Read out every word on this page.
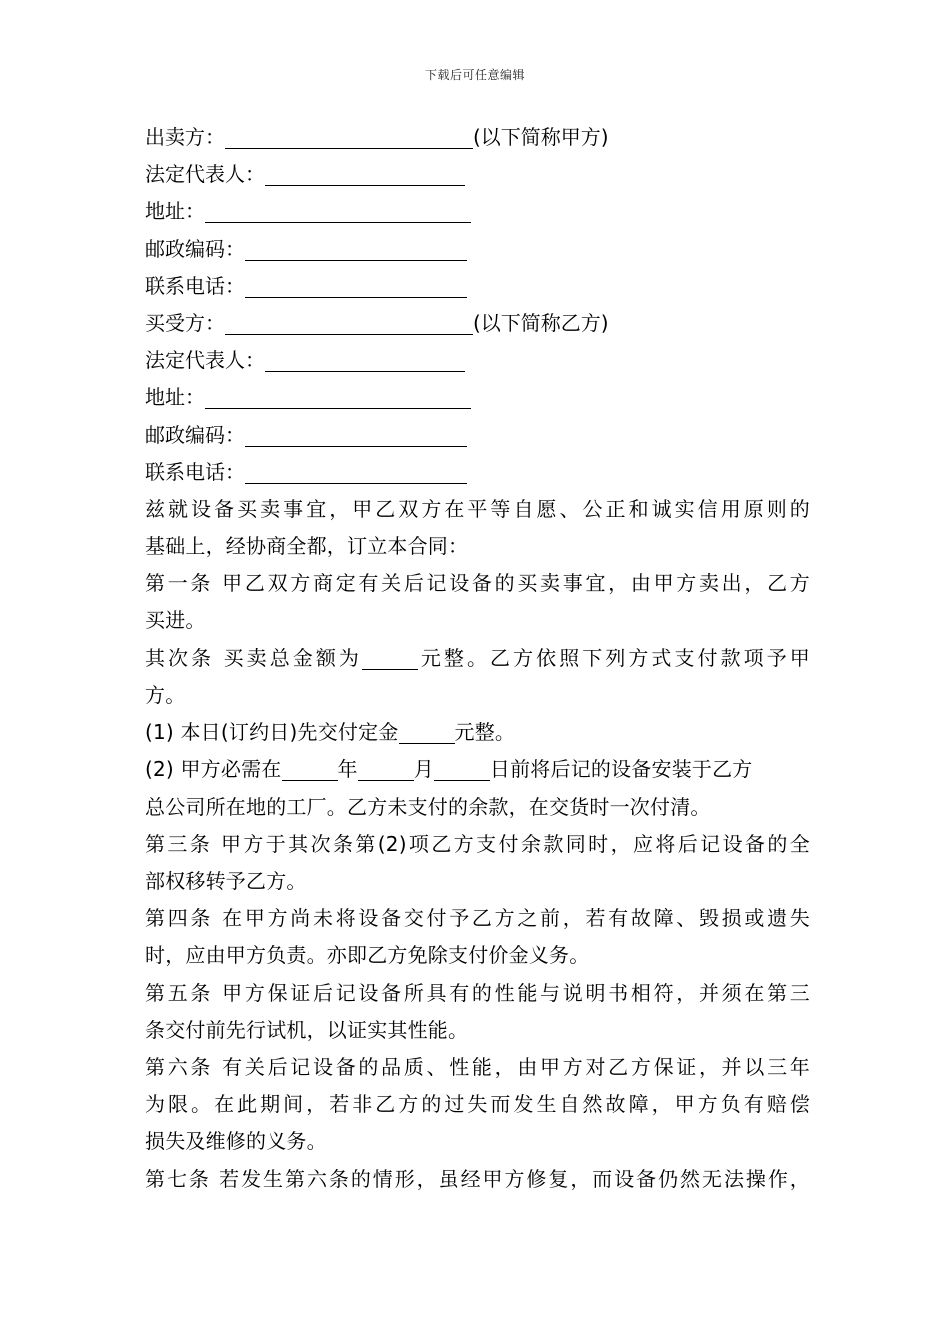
下载后可任意编辑
出卖方：	(以下简称甲方)
法定代表人：
地址：
邮政编码：
联系电话：
买受方：	(以下简称乙方)
法定代表人：
地址：
邮政编码：
联系电话：
兹就设备买卖事宜，甲乙双方在平等自愿、公正和诚实信用原则的
基础上，经协商全都，订立本合同：
第一条 甲乙双方商定有关后记设备的买卖事宜，由甲方卖出，乙方
买进。
其次条 买卖总金额为	元整。乙方依照下列方式支付款项予甲
方。
(1) 本日(订约日)先交付定金	元整。
(2) 甲方必需在	年	月	日前将后记的设备安装于乙方
总公司所在地的工厂。乙方未支付的余款，在交货时一次付清。
第三条 甲方于其次条第(2)项乙方支付余款同时，应将后记设备的全
部权移转予乙方。
第四条 在甲方尚未将设备交付予乙方之前，若有故障、毁损或遗失
时，应由甲方负责。亦即乙方免除支付价金义务。
第五条 甲方保证后记设备所具有的性能与说明书相符，并须在第三
条交付前先行试机，以证实其性能。
第六条 有关后记设备的品质、性能，由甲方对乙方保证，并以三年
为限。在此期间，若非乙方的过失而发生自然故障，甲方负有赔偿
损失及维修的义务。
第七条 若发生第六条的情形，虽经甲方修复，而设备仍然无法操作，
